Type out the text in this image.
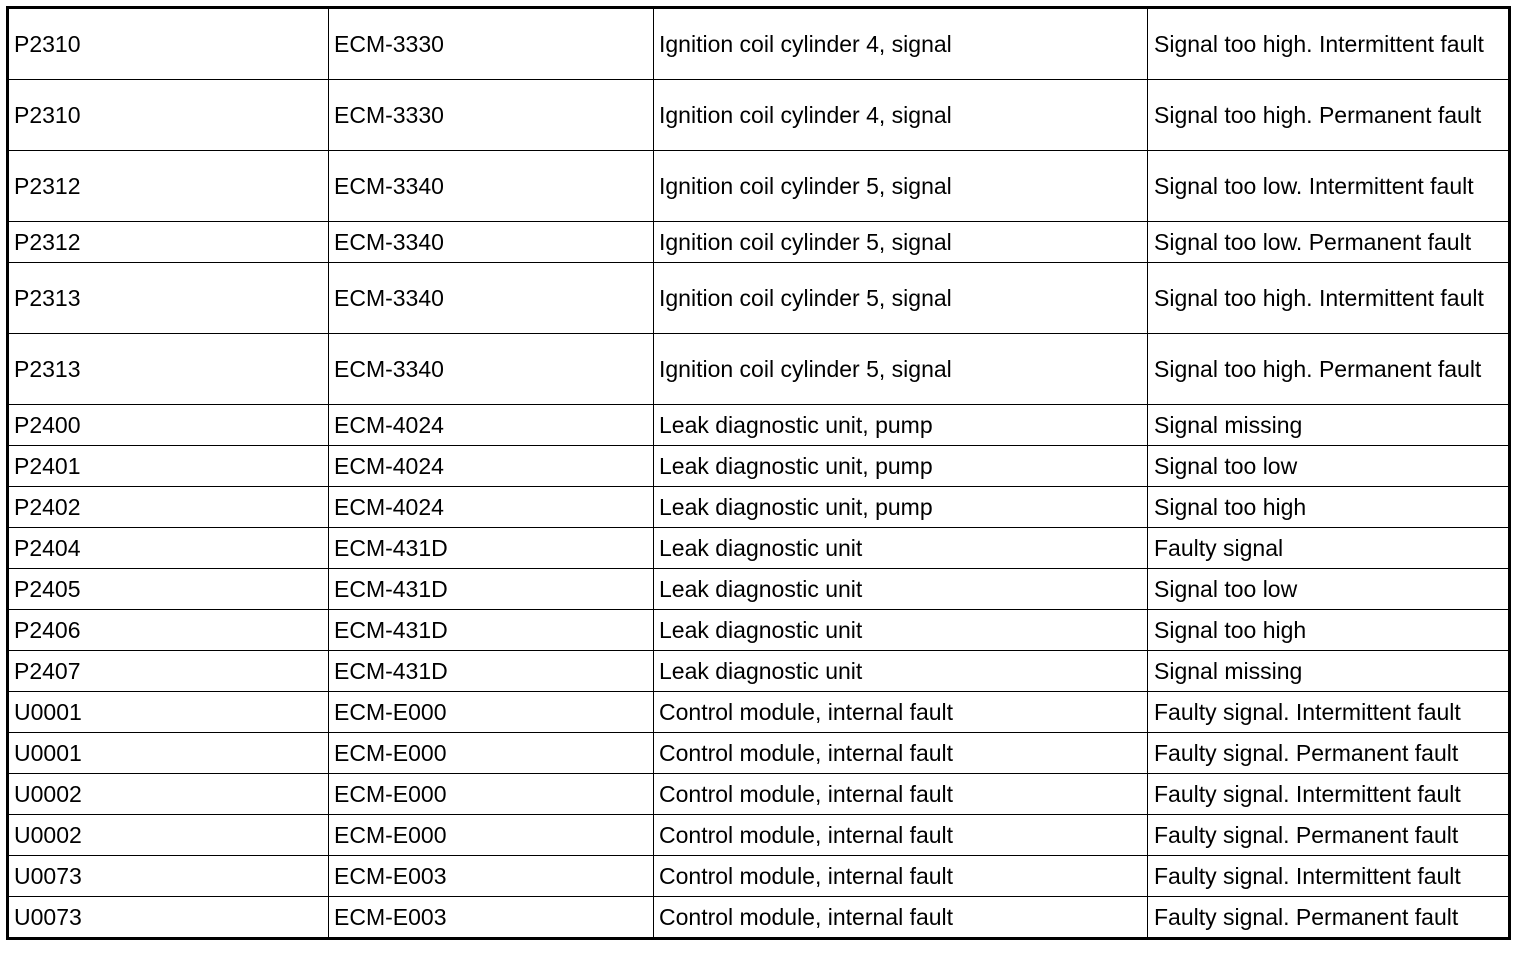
P2310	ECM-3330	Ignition coil cylinder 4, signal	Signal too high. Intermittent fault
P2310	ECM-3330	Ignition coil cylinder 4, signal	Signal too high. Permanent fault
P2312	ECM-3340	Ignition coil cylinder 5, signal	Signal too low. Intermittent fault
P2312	ECM-3340	Ignition coil cylinder 5, signal	Signal too low. Permanent fault
P2313	ECM-3340	Ignition coil cylinder 5, signal	Signal too high. Intermittent fault
P2313	ECM-3340	Ignition coil cylinder 5, signal	Signal too high. Permanent fault
P2400	ECM-4024	Leak diagnostic unit, pump	Signal missing
P2401	ECM-4024	Leak diagnostic unit, pump	Signal too low
P2402	ECM-4024	Leak diagnostic unit, pump	Signal too high
P2404	ECM-431D	Leak diagnostic unit	Faulty signal
P2405	ECM-431D	Leak diagnostic unit	Signal too low
P2406	ECM-431D	Leak diagnostic unit	Signal too high
P2407	ECM-431D	Leak diagnostic unit	Signal missing
U0001	ECM-E000	Control module, internal fault	Faulty signal. Intermittent fault
U0001	ECM-E000	Control module, internal fault	Faulty signal. Permanent fault
U0002	ECM-E000	Control module, internal fault	Faulty signal. Intermittent fault
U0002	ECM-E000	Control module, internal fault	Faulty signal. Permanent fault
U0073	ECM-E003	Control module, internal fault	Faulty signal. Intermittent fault
U0073	ECM-E003	Control module, internal fault	Faulty signal. Permanent fault
